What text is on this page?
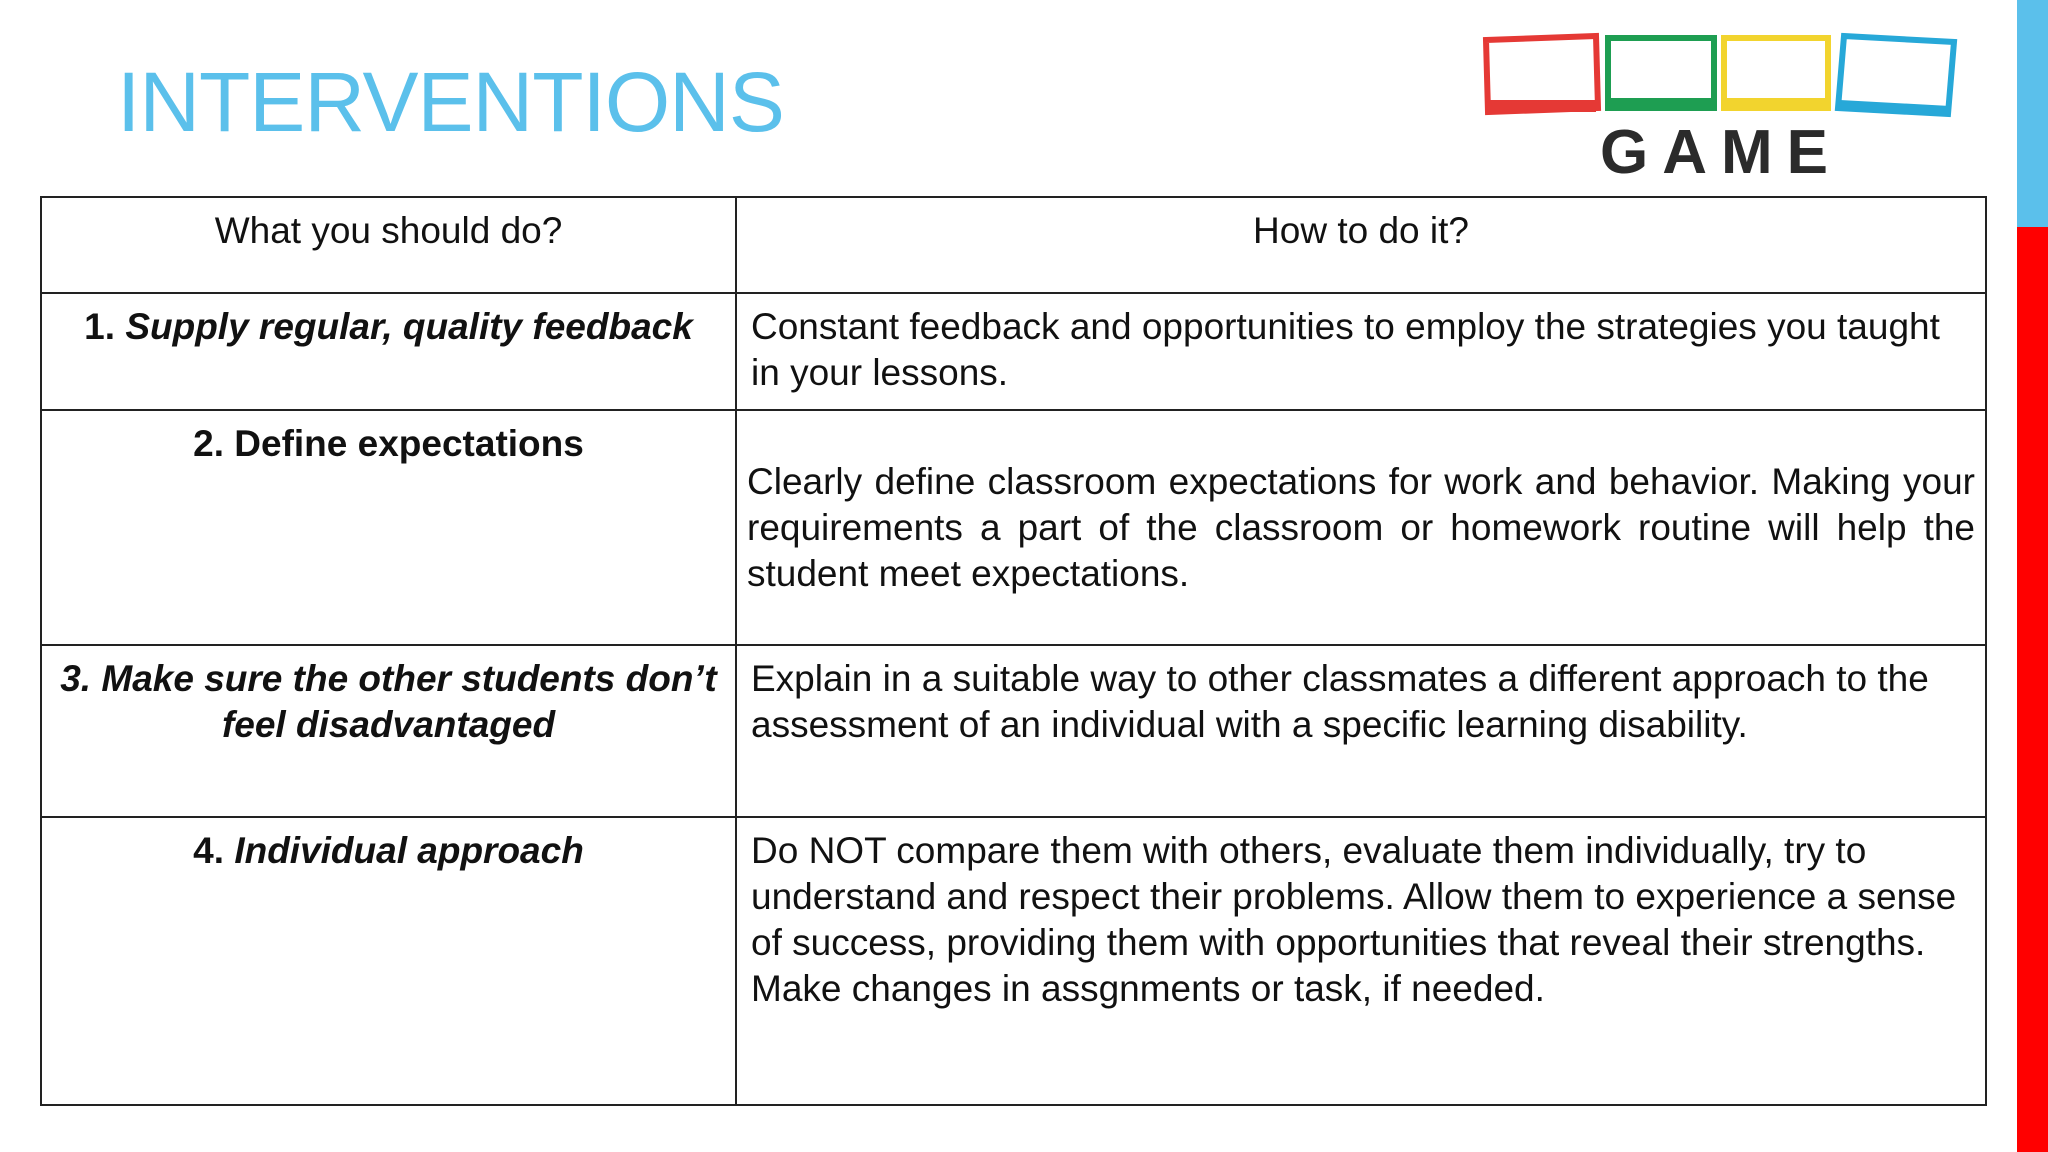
INTERVENTIONS
GAME
What you should do?	How to do it?
1. Supply regular, quality feedback	Constant feedback and opportunities to employ the strategies you taught in your lessons.
2. Define expectations	Clearly define classroom expectations for work and behavior. Making your requirements a part of the classroom or homework routine will help the student meet expectations.
3. Make sure the other students don’t feel disadvantaged	Explain in a suitable way to other classmates a different approach to the assessment of an individual with a specific learning disability.
4. Individual approach	Do NOT compare them with others, evaluate them individually, try to understand and respect their problems. Allow them to experience a sense of success, providing them with opportunities that reveal their strengths. Make changes in assgnments or task, if needed.
